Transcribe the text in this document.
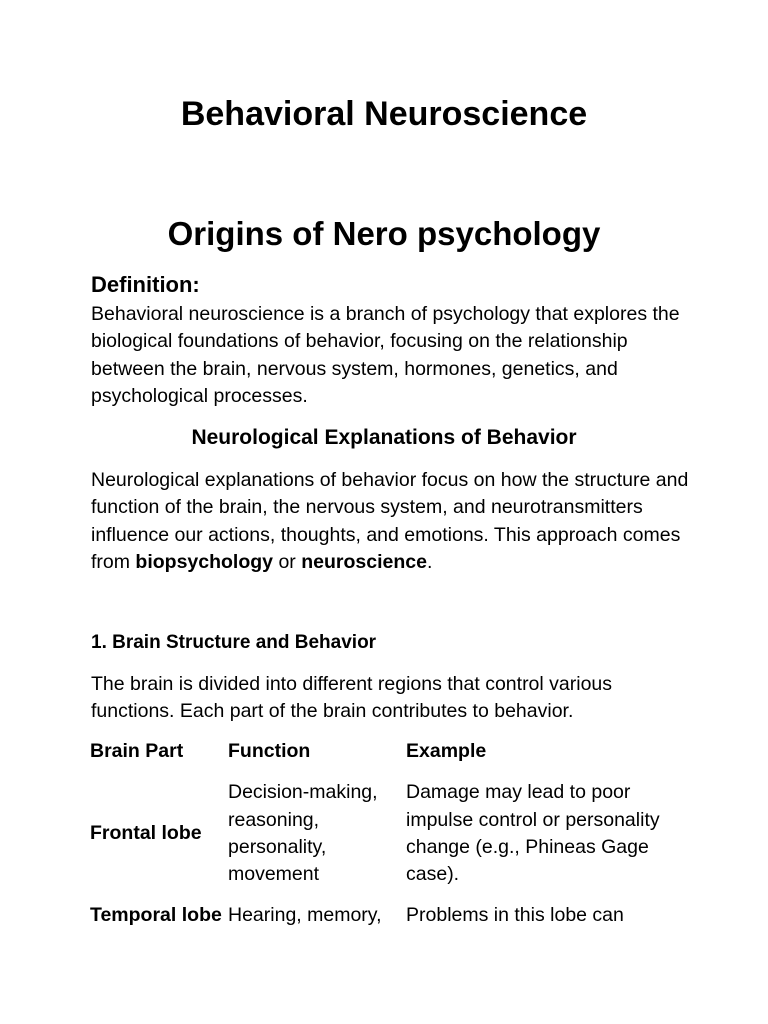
Behavioral Neuroscience
Origins of Nero psychology
Definition:

Behavioral neuroscience is a branch of psychology that explores the biological foundations of behavior, focusing on the relationship between the brain, nervous system, hormones, genetics, and psychological processes.

Neurological Explanations of Behavior

Neurological explanations of behavior focus on how the structure and function of the brain, the nervous system, and neurotransmitters influence our actions, thoughts, and emotions. This approach comes from biopsychology or neuroscience.

1. Brain Structure and Behavior

The brain is divided into different regions that control various functions. Each part of the brain contributes to behavior.

Brain Part	Function	Example
Frontal lobe	Decision-making, reasoning, personality, movement	Damage may lead to poor impulse control or personality change (e.g., Phineas Gage case).
Temporal lobe	Hearing, memory,	Problems in this lobe can
